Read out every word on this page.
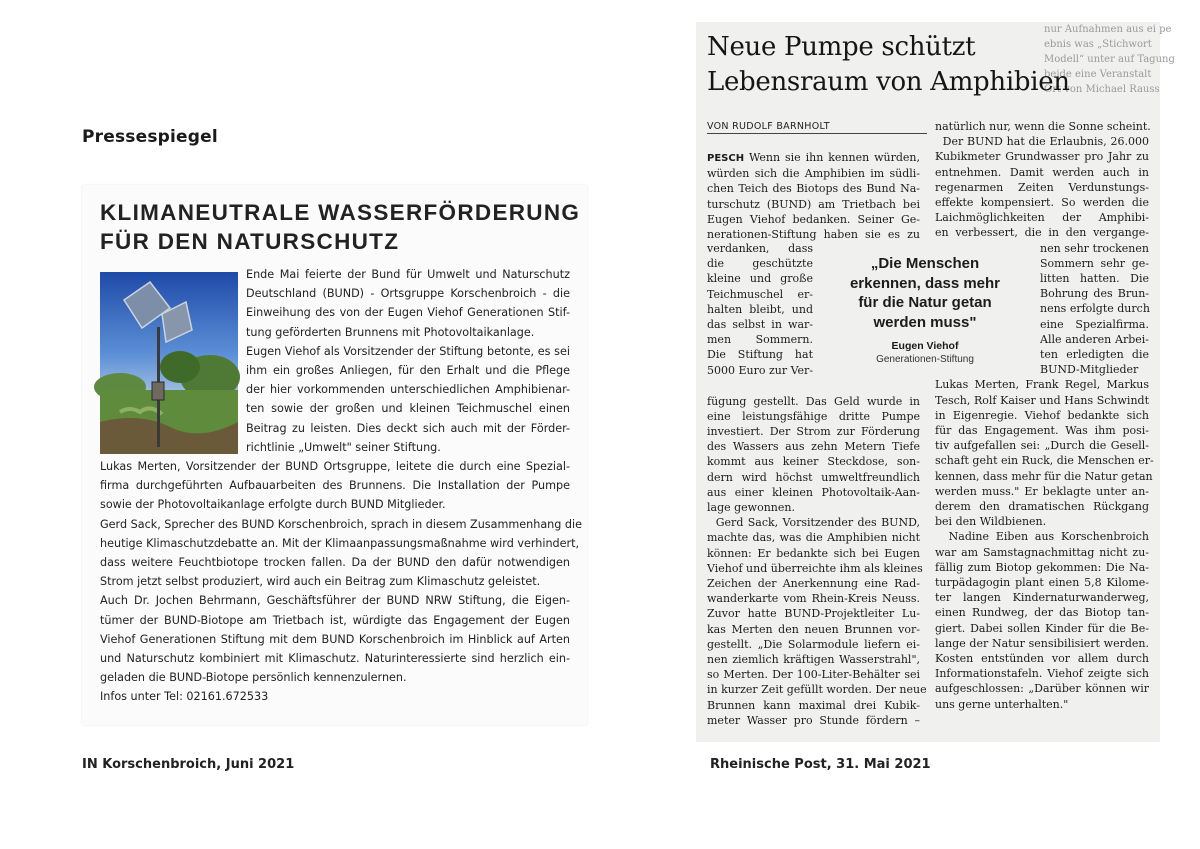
Pressespiegel
KLIMANEUTRALE WASSERFÖRDERUNG
FÜR DEN NATURSCHUTZ
Ende Mai feierte der Bund für Umwelt und Naturschutz
Deutschland (BUND) - Ortsgruppe Korschenbroich - die
Einweihung des von der Eugen Viehof Generationen Stif-
tung geförderten Brunnens mit Photovoltaikanlage.
Eugen Viehof als Vorsitzender der Stiftung betonte, es sei
ihm ein großes Anliegen, für den Erhalt und die Pflege
der hier vorkommenden unterschiedlichen Amphibienar-
ten sowie der großen und kleinen Teichmuschel einen
Beitrag zu leisten. Dies deckt sich auch mit der Förder-
richtlinie „Umwelt" seiner Stiftung.
Lukas Merten, Vorsitzender der BUND Ortsgruppe, leitete die durch eine Spezial-
firma durchgeführten Aufbauarbeiten des Brunnens. Die Installation der Pumpe
sowie der Photovoltaikanlage erfolgte durch BUND Mitglieder.
Gerd Sack, Sprecher des BUND Korschenbroich, sprach in diesem Zusammenhang die
heutige Klimaschutzdebatte an. Mit der Klimaanpassungsmaßnahme wird verhindert,
dass weitere Feuchtbiotope trocken fallen. Da der BUND den dafür notwendigen
Strom jetzt selbst produziert, wird auch ein Beitrag zum Klimaschutz geleistet.
Auch Dr. Jochen Behrmann, Geschäftsführer der BUND NRW Stiftung, die Eigen-
tümer der BUND-Biotope am Trietbach ist, würdigte das Engagement der Eugen
Viehof Generationen Stiftung mit dem BUND Korschenbroich im Hinblick auf Arten
und Naturschutz kombiniert mit Klimaschutz. Naturinteressierte sind herzlich ein-
geladen die BUND-Biotope persönlich kennenzulernen.
Infos unter Tel: 02161.672533
IN Korschenbroich, Juni 2021
nur Aufnahmen aus ei pe
ebnis was „Stichwort
Modell“ unter auf Tagung
beide eine Veranstalt
Ort von Michael Rauss
Neue Pumpe schützt
Lebensraum von Amphibien
VON RUDOLF BARNHOLT
PESCH Wenn sie ihn kennen würden,
würden sich die Amphibien im südli-
chen Teich des Biotops des Bund Na-
turschutz (BUND) am Trietbach bei
Eugen Viehof bedanken. Seiner Ge-
nerationen-Stiftung haben sie es zu
verdanken, dass
die geschützte
kleine und große
Teichmuschel er-
halten bleibt, und
das selbst in war-
men Sommern.
Die Stiftung hat
5000 Euro zur Ver-
fügung gestellt. Das Geld wurde in
eine leistungsfähige dritte Pumpe
investiert. Der Strom zur Förderung
des Wassers aus zehn Metern Tiefe
kommt aus keiner Steckdose, son-
dern wird höchst umweltfreundlich
aus einer kleinen Photovoltaik-Aan-
lage gewonnen.
Gerd Sack, Vorsitzender des BUND,
machte das, was die Amphibien nicht
können: Er bedankte sich bei Eugen
Viehof und überreichte ihm als kleines
Zeichen der Anerkennung eine Rad-
wanderkarte vom Rhein-Kreis Neuss.
Zuvor hatte BUND-Projektleiter Lu-
kas Merten den neuen Brunnen vor-
gestellt. „Die Solarmodule liefern ei-
nen ziemlich kräftigen Wasserstrahl",
so Merten. Der 100-Liter-Behälter sei
in kurzer Zeit gefüllt worden. Der neue
Brunnen kann maximal drei Kubik-
meter Wasser pro Stunde fördern –
„Die Menschen
erkennen, dass mehr
für die Natur getan
werden muss"
Eugen Viehof
Generationen-Stiftung
natürlich nur, wenn die Sonne scheint.
Der BUND hat die Erlaubnis, 26.000
Kubikmeter Grundwasser pro Jahr zu
entnehmen. Damit werden auch in
regenarmen Zeiten Verdunstungs-
effekte kompensiert. So werden die
Laichmöglichkeiten der Amphibi-
en verbessert, die in den vergange-
nen sehr trockenen
Sommern sehr ge-
litten hatten. Die
Bohrung des Brun-
nens erfolgte durch
eine Spezialfirma.
Alle anderen Arbei-
ten erledigten die
BUND-Mitglieder
Lukas Merten, Frank Regel, Markus
Tesch, Rolf Kaiser und Hans Schwindt
in Eigenregie. Viehof bedankte sich
für das Engagement. Was ihm posi-
tiv aufgefallen sei: „Durch die Gesell-
schaft geht ein Ruck, die Menschen er-
kennen, dass mehr für die Natur getan
werden muss." Er beklagte unter an-
derem den dramatischen Rückgang
bei den Wildbienen.
Nadine Eiben aus Korschenbroich
war am Samstagnachmittag nicht zu-
fällig zum Biotop gekommen: Die Na-
turpädagogin plant einen 5,8 Kilome-
ter langen Kindernaturwanderweg,
einen Rundweg, der das Biotop tan-
giert. Dabei sollen Kinder für die Be-
lange der Natur sensibilisiert werden.
Kosten entstünden vor allem durch
Informationstafeln. Viehof zeigte sich
aufgeschlossen: „Darüber können wir
uns gerne unterhalten."
Rheinische Post, 31. Mai 2021
